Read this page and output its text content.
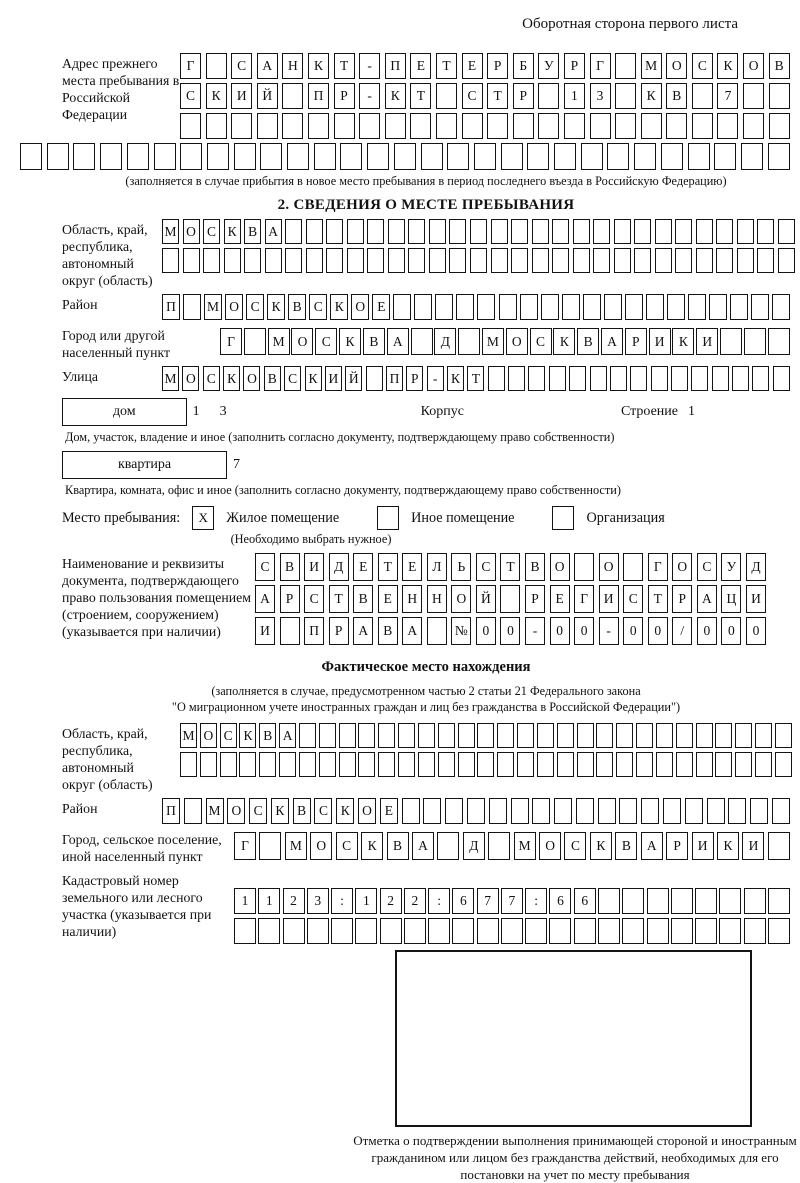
Оборотная сторона первого листа
Адрес прежнего места пребывания в Российской Федерации
Г	С	А	Н	К	Т	-	П	Е	Т	Е	Р	Б	У	Р	Г	М	О	С	К	О	В
С	К	И	Й	П	Р	-	К	Т	С	Т	Р	1	3	К	В	7
(заполняется в случае прибытия в новое место пребывания в период последнего въезда в Российскую Федерацию)
2. СВЕДЕНИЯ О МЕСТЕ ПРЕБЫВАНИЯ
Область, край, республика, автономный округ (область)
М О С К В А
Район	П	М О С К В С К О Е
Город или другой населенный пункт
Г	М О	С	К	В	А	Д	М О	С	К	В	А	Р	И	К	И
Улица	М О С К О В С К И Й П Р	-	К Т
дом	1	3	Корпус	Строение 1
Дом, участок, владение и иное (заполнить согласно документу, подтверждающему право собственности)
квартира	7
Квартира, комната, офис и иное (заполнить согласно документу, подтверждающему право собственности)
Место пребывания:	X	Жилое помещение	Иное помещение	Организация
(Необходимо выбрать нужное)
Наименование и реквизиты документа, подтверждающего право пользования помещением (строением, сооружением) (указывается при наличии)
С	В	И	Д	Е	Т	Е	Л	Ь	С	Т	В	О	О	Г	О	С	У	Д
А	Р	С	Т	В	Е	Н	Н	О	Й	Р	Е	Г	И	С	Т	Р	А	Ц	И
И	П	Р	А	В	А	№	0	0	-	0	0	-	0	0	/	0	0	0
Фактическое место нахождения
(заполняется в случае, предусмотренном частью 2 статьи 21 Федерального закона
"О миграционном учете иностранных граждан и лиц без гражданства в Российской Федерации")
Область, край, республика, автономный округ (область)
М О С К В А
Район	П	М О С К В С К О Е
Город, сельское поселение, иной населенный пункт
Г	М	О	С	К	В	А	Д	М	О	С	К	В	А	Р	И	К	И
Кадастровый номер земельного или лесного участка (указывается при наличии)
1	1	2	3	:	1	2	2	:	6	7	7	:	6	6
Отметка о подтверждении выполнения принимающей стороной и иностранным гражданином или лицом без гражданства действий, необходимых для его постановки на учет по месту пребывания
